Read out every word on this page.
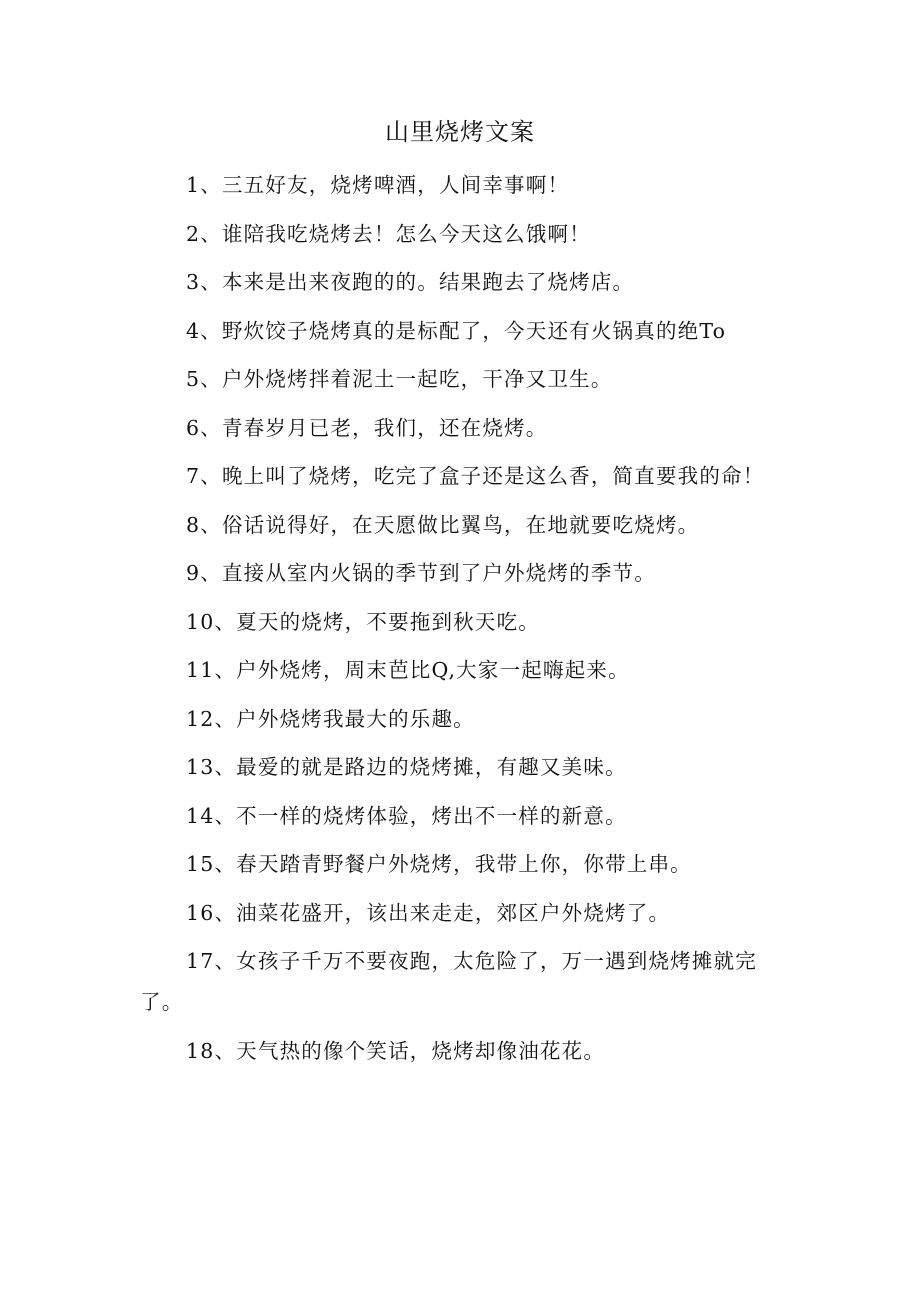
山里烧烤文案

1、三五好友，烧烤啤酒，人间幸事啊！

2、谁陪我吃烧烤去！怎么今天这么饿啊！

3、本来是出来夜跑的的。结果跑去了烧烤店。

4、野炊饺子烧烤真的是标配了，今天还有火锅真的绝To

5、户外烧烤拌着泥土一起吃，干净又卫生。

6、青春岁月已老，我们，还在烧烤。

7、晚上叫了烧烤，吃完了盒子还是这么香，简直要我的命！

8、俗话说得好，在天愿做比翼鸟，在地就要吃烧烤。

9、直接从室内火锅的季节到了户外烧烤的季节。

10、夏天的烧烤，不要拖到秋天吃。

11、户外烧烤，周末芭比Q,大家一起嗨起来。

12、户外烧烤我最大的乐趣。

13、最爱的就是路边的烧烤摊，有趣又美味。

14、不一样的烧烤体验，烤出不一样的新意。

15、春天踏青野餐户外烧烤，我带上你，你带上串。

16、油菜花盛开，该出来走走，郊区户外烧烤了。

17、女孩子千万不要夜跑，太危险了，万一遇到烧烤摊就完了。

18、天气热的像个笑话，烧烤却像油花花。
